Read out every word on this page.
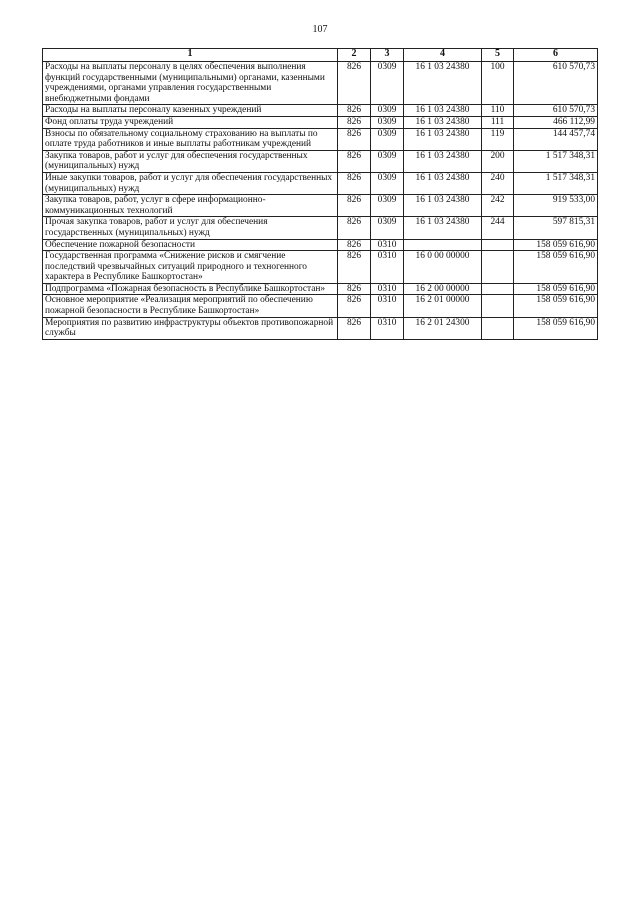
107
1	2	3	4	5	6
Расходы на выплаты персоналу в целях обеспечения выполнения функций государственными (муниципальными) органами, казенными учреждениями, органами управления государственными внебюджетными фондами	826	0309	16 1 03 24380	100	610 570,73
Расходы на выплаты персоналу казенных учреждений	826	0309	16 1 03 24380	110	610 570,73
Фонд оплаты труда учреждений	826	0309	16 1 03 24380	111	466 112,99
Взносы по обязательному социальному страхованию на выплаты по оплате труда работников и иные выплаты работникам учреждений	826	0309	16 1 03 24380	119	144 457,74
Закупка товаров, работ и услуг для обеспечения государственных (муниципальных) нужд	826	0309	16 1 03 24380	200	1 517 348,31
Иные закупки товаров, работ и услуг для обеспечения государственных (муниципальных) нужд	826	0309	16 1 03 24380	240	1 517 348,31
Закупка товаров, работ, услуг в сфере информационно-коммуникационных технологий	826	0309	16 1 03 24380	242	919 533,00
Прочая закупка товаров, работ и услуг для обеспечения государственных (муниципальных) нужд	826	0309	16 1 03 24380	244	597 815,31
Обеспечение пожарной безопасности	826	0310			158 059 616,90
Государственная программа «Снижение рисков и смягчение последствий чрезвычайных ситуаций природного и техногенного характера в Республике Башкортостан»	826	0310	16 0 00 00000		158 059 616,90
Подпрограмма «Пожарная безопасность в Республике Башкортостан»	826	0310	16 2 00 00000		158 059 616,90
Основное мероприятие «Реализация мероприятий по обеспечению пожарной безопасности в Республике Башкортостан»	826	0310	16 2 01 00000		158 059 616,90
Мероприятия по развитию инфраструктуры объектов противопожарной службы	826	0310	16 2 01 24300		158 059 616,90
